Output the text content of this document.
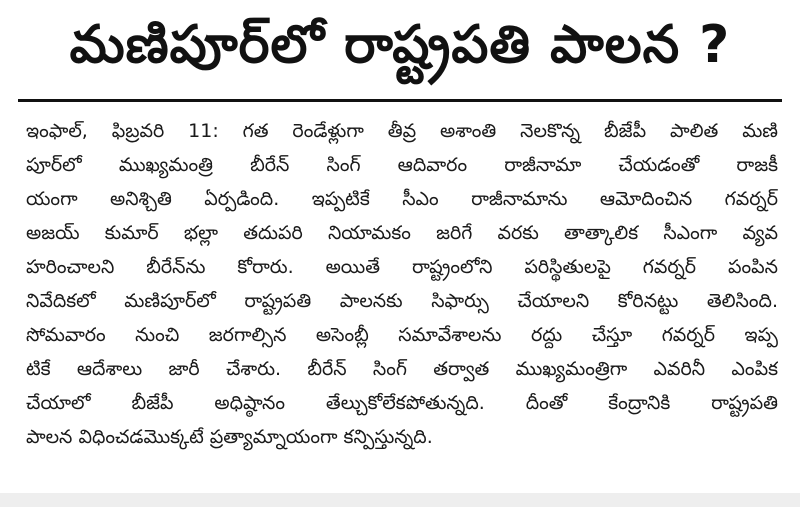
మణిపూర్‌లో రాష్ట్రపతి పాలన ?
ఇంఫాల్, ఫిబ్రవరి 11: గత రెండేళ్లుగా తీవ్ర అశాంతి నెలకొన్న బీజేపీ పాలిత మణి
పూర్‌లో ముఖ్యమంత్రి బీరేన్ సింగ్ ఆదివారం రాజీనామా చేయడంతో రాజకీ
యంగా అనిశ్చితి ఏర్పడింది. ఇప్పటికే సీఎం రాజీనామాను ఆమోదించిన గవర్నర్
అజయ్ కుమార్ భల్లా తదుపరి నియామకం జరిగే వరకు తాత్కాలిక సీఎంగా వ్యవ
హరించాలని బీరేన్‌ను కోరారు. అయితే రాష్ట్రంలోని పరిస్థితులపై గవర్నర్ పంపిన
నివేదికలో మణిపూర్‌లో రాష్ట్రపతి పాలనకు సిఫార్సు చేయాలని కోరినట్టు తెలిసింది.
సోమవారం నుంచి జరగాల్సిన అసెంబ్లీ సమావేశాలను రద్దు చేస్తూ గవర్నర్ ఇప్ప
టికే ఆదేశాలు జారీ చేశారు. బీరేన్ సింగ్ తర్వాత ముఖ్యమంత్రిగా ఎవరినీ ఎంపిక
చేయాలో బీజేపీ అధిష్ఠానం తేల్చుకోలేకపోతున్నది. దీంతో కేంద్రానికి రాష్ట్రపతి
పాలన విధించడమొక్కటే ప్రత్యామ్నాయంగా కన్పిస్తున్నది.
